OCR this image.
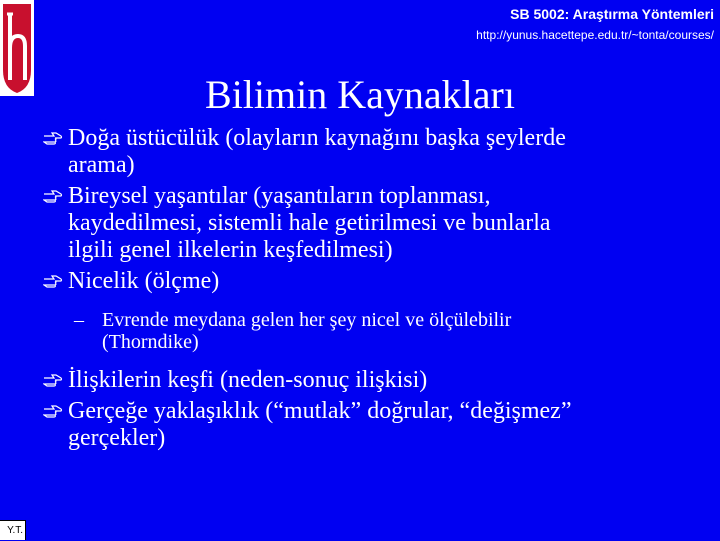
SB 5002: Araştırma Yöntemleri
http://yunus.hacettepe.edu.tr/~tonta/courses/
Bilimin Kaynakları
Doğa üstücülük (olayların kaynağını başka şeylerde
arama)
Bireysel yaşantılar (yaşantıların toplanması,
kaydedilmesi, sistemli hale getirilmesi ve bunlarla
ilgili genel ilkelerin keşfedilmesi)
Nicelik (ölçme)
– Evrende meydana gelen her şey nicel ve ölçülebilir
(Thorndike)
İlişkilerin keşfi (neden-sonuç ilişkisi)
Gerçeğe yaklaşıklık (“mutlak” doğrular, “değişmez”
gerçekler)
Y.T.
